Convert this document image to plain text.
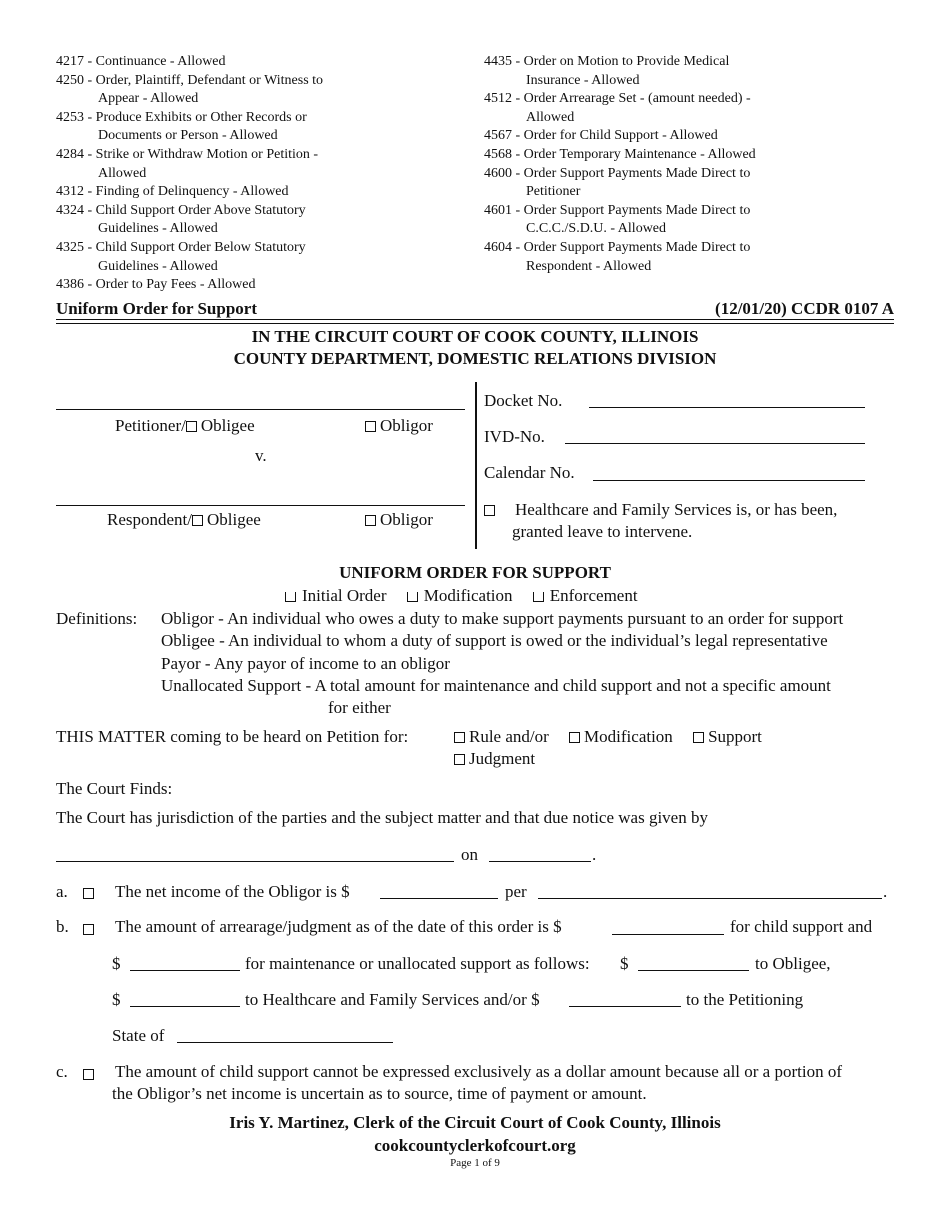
4217 - Continuance - Allowed
4250 - Order, Plaintiff, Defendant or Witness to Appear - Allowed
4253 - Produce Exhibits or Other Records or Documents or Person - Allowed
4284 - Strike or Withdraw Motion or Petition - Allowed
4312 - Finding of Delinquency - Allowed
4324 - Child Support Order Above Statutory Guidelines - Allowed
4325 - Child Support Order Below Statutory Guidelines - Allowed
4386 - Order to Pay Fees - Allowed
4435 - Order on Motion to Provide Medical Insurance - Allowed
4512 - Order Arrearage Set - (amount needed) - Allowed
4567 - Order for Child Support - Allowed
4568 - Order Temporary Maintenance - Allowed
4600 - Order Support Payments Made Direct to Petitioner
4601 - Order Support Payments Made Direct to C.C.C./S.D.U. - Allowed
4604 - Order Support Payments Made Direct to Respondent - Allowed
Uniform Order for Support	(12/01/20) CCDR 0107 A
IN THE CIRCUIT COURT OF COOK COUNTY, ILLINOIS
COUNTY DEPARTMENT, DOMESTIC RELATIONS DIVISION
Petitioner/ Obligee	Obligor
v.
Respondent/ Obligee	Obligor
Docket No.
IVD-No.
Calendar No.
Healthcare and Family Services is, or has been, granted leave to intervene.
UNIFORM ORDER FOR SUPPORT
Initial Order Modification Enforcement
Definitions: Obligor - An individual who owes a duty to make support payments pursuant to an order for support
Obligee - An individual to whom a duty of support is owed or the individual’s legal representative
Payor - Any payor of income to an obligor
Unallocated Support - A total amount for maintenance and child support and not a specific amount
for either
THIS MATTER coming to be heard on Petition for:	Rule and/or Modification Support
Judgment
The Court Finds:
The Court has jurisdiction of the parties and the subject matter and that due notice was given by
on	.
a.	The net income of the Obligor is $	per	.
b.	The amount of arrearage/judgment as of the date of this order is $	for child support and
$	for maintenance or unallocated support as follows: $	to Obligee,
$	to Healthcare and Family Services and/or $	to the Petitioning
State of
c.	The amount of child support cannot be expressed exclusively as a dollar amount because all or a portion of
the Obligor’s net income is uncertain as to source, time of payment or amount.
Iris Y. Martinez, Clerk of the Circuit Court of Cook County, Illinois
cookcountyclerkofcourt.org
Page 1 of 9
